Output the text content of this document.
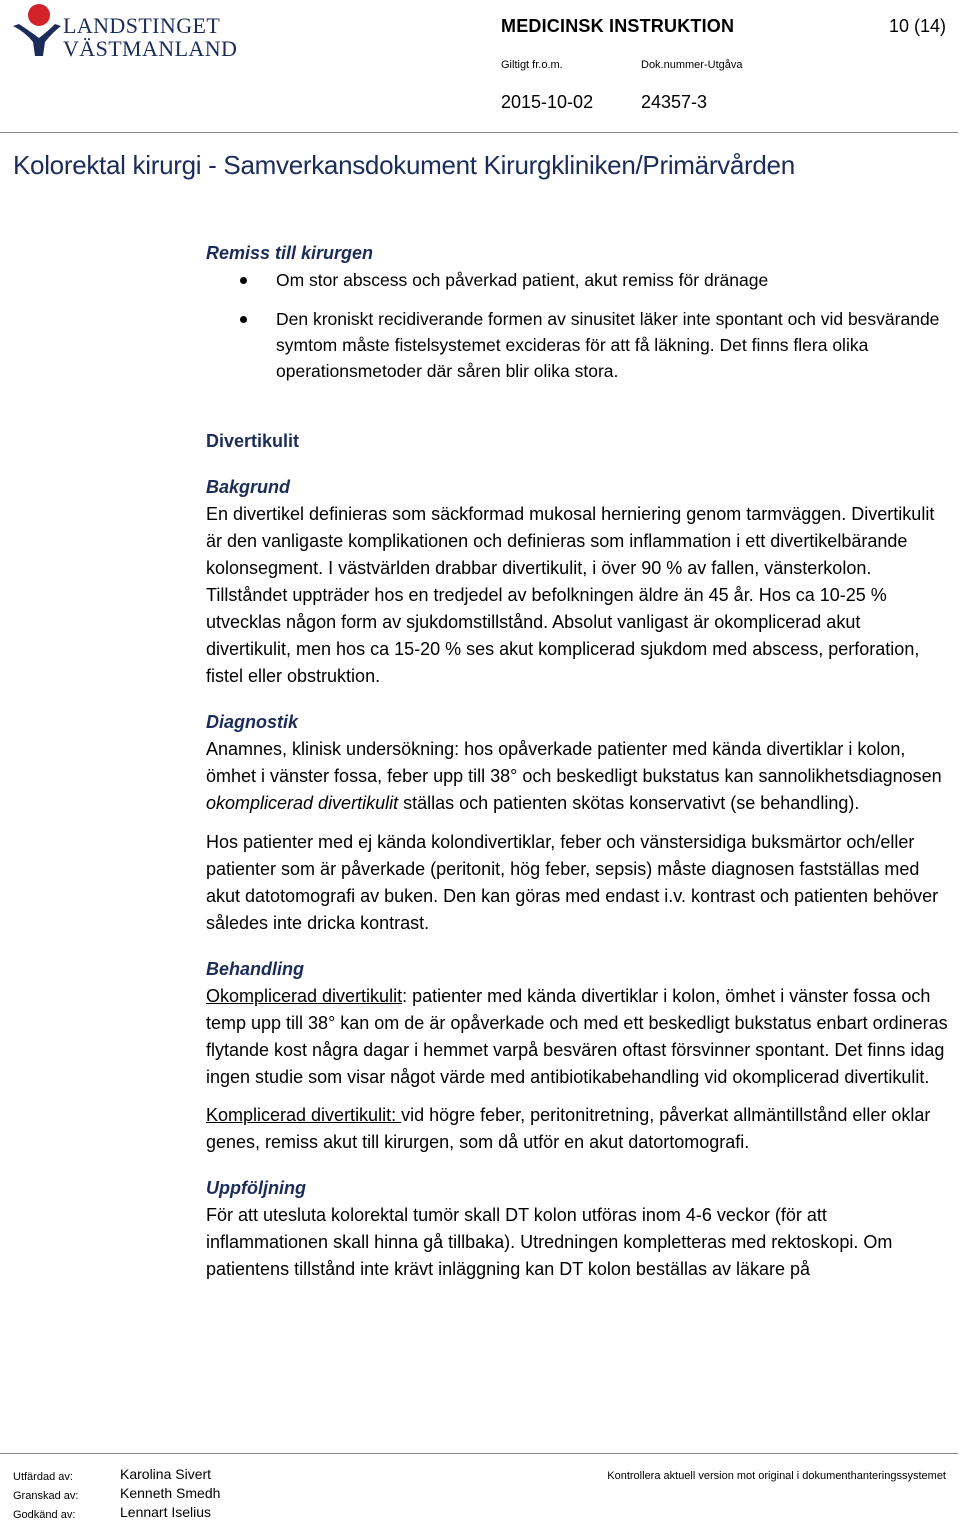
LANDSTINGET
VÄSTMANLAND
MEDICINSK INSTRUKTION	10 (14)
Giltigt fr.o.m.	Dok.nummer-Utgåva
2015-10-02	24357-3
Kolorektal kirurgi - Samverkansdokument Kirurgkliniken/Primärvården
Remiss till kirurgen
Om stor abscess och påverkad patient, akut remiss för dränage
Den kroniskt recidiverande formen av sinusitet läker inte spontant och vid besvärande symtom måste fistelsystemet excideras för att få läkning. Det finns flera olika operationsmetoder där såren blir olika stora.
Divertikulit
Bakgrund

En divertikel definieras som säckformad mukosal herniering genom tarmväggen. Divertikulit är den vanligaste komplikationen och definieras som inflammation i ett divertikelbärande kolonsegment. I västvärlden drabbar divertikulit, i över 90 % av fallen, vänsterkolon. Tillståndet uppträder hos en tredjedel av befolkningen äldre än 45 år. Hos ca 10-25 % utvecklas någon form av sjukdomstillstånd. Absolut vanligast är okomplicerad akut divertikulit, men hos ca 15-20 % ses akut komplicerad sjukdom med abscess, perforation, fistel eller obstruktion.

Diagnostik

Anamnes, klinisk undersökning: hos opåverkade patienter med kända divertiklar i kolon, ömhet i vänster fossa, feber upp till 38° och beskedligt bukstatus kan sannolikhetsdiagnosen okomplicerad divertikulit ställas och patienten skötas konservativt (se behandling).

Hos patienter med ej kända kolondivertiklar, feber och vänstersidiga buksmärtor och/eller patienter som är påverkade (peritonit, hög feber, sepsis) måste diagnosen fastställas med akut datotomografi av buken. Den kan göras med endast i.v. kontrast och patienten behöver således inte dricka kontrast.

Behandling

Okomplicerad divertikulit: patienter med kända divertiklar i kolon, ömhet i vänster fossa och temp upp till 38° kan om de är opåverkade och med ett beskedligt bukstatus enbart ordineras flytande kost några dagar i hemmet varpå besvären oftast försvinner spontant. Det finns idag ingen studie som visar något värde med antibiotikabehandling vid okomplicerad divertikulit.

Komplicerad divertikulit: vid högre feber, peritonitretning, påverkat allmäntillstånd eller oklar genes, remiss akut till kirurgen, som då utför en akut datortomografi.

Uppföljning

För att utesluta kolorektal tumör skall DT kolon utföras inom 4-6 veckor (för att inflammationen skall hinna gå tillbaka). Utredningen kompletteras med rektoskopi. Om patientens tillstånd inte krävt inläggning kan DT kolon beställas av läkare på

Utfärdad av:	Karolina Sivert
Granskad av:	Kenneth Smedh
Godkänd av:	Lennart Iselius
Kontrollera aktuell version mot original i dokumenthanteringssystemet
